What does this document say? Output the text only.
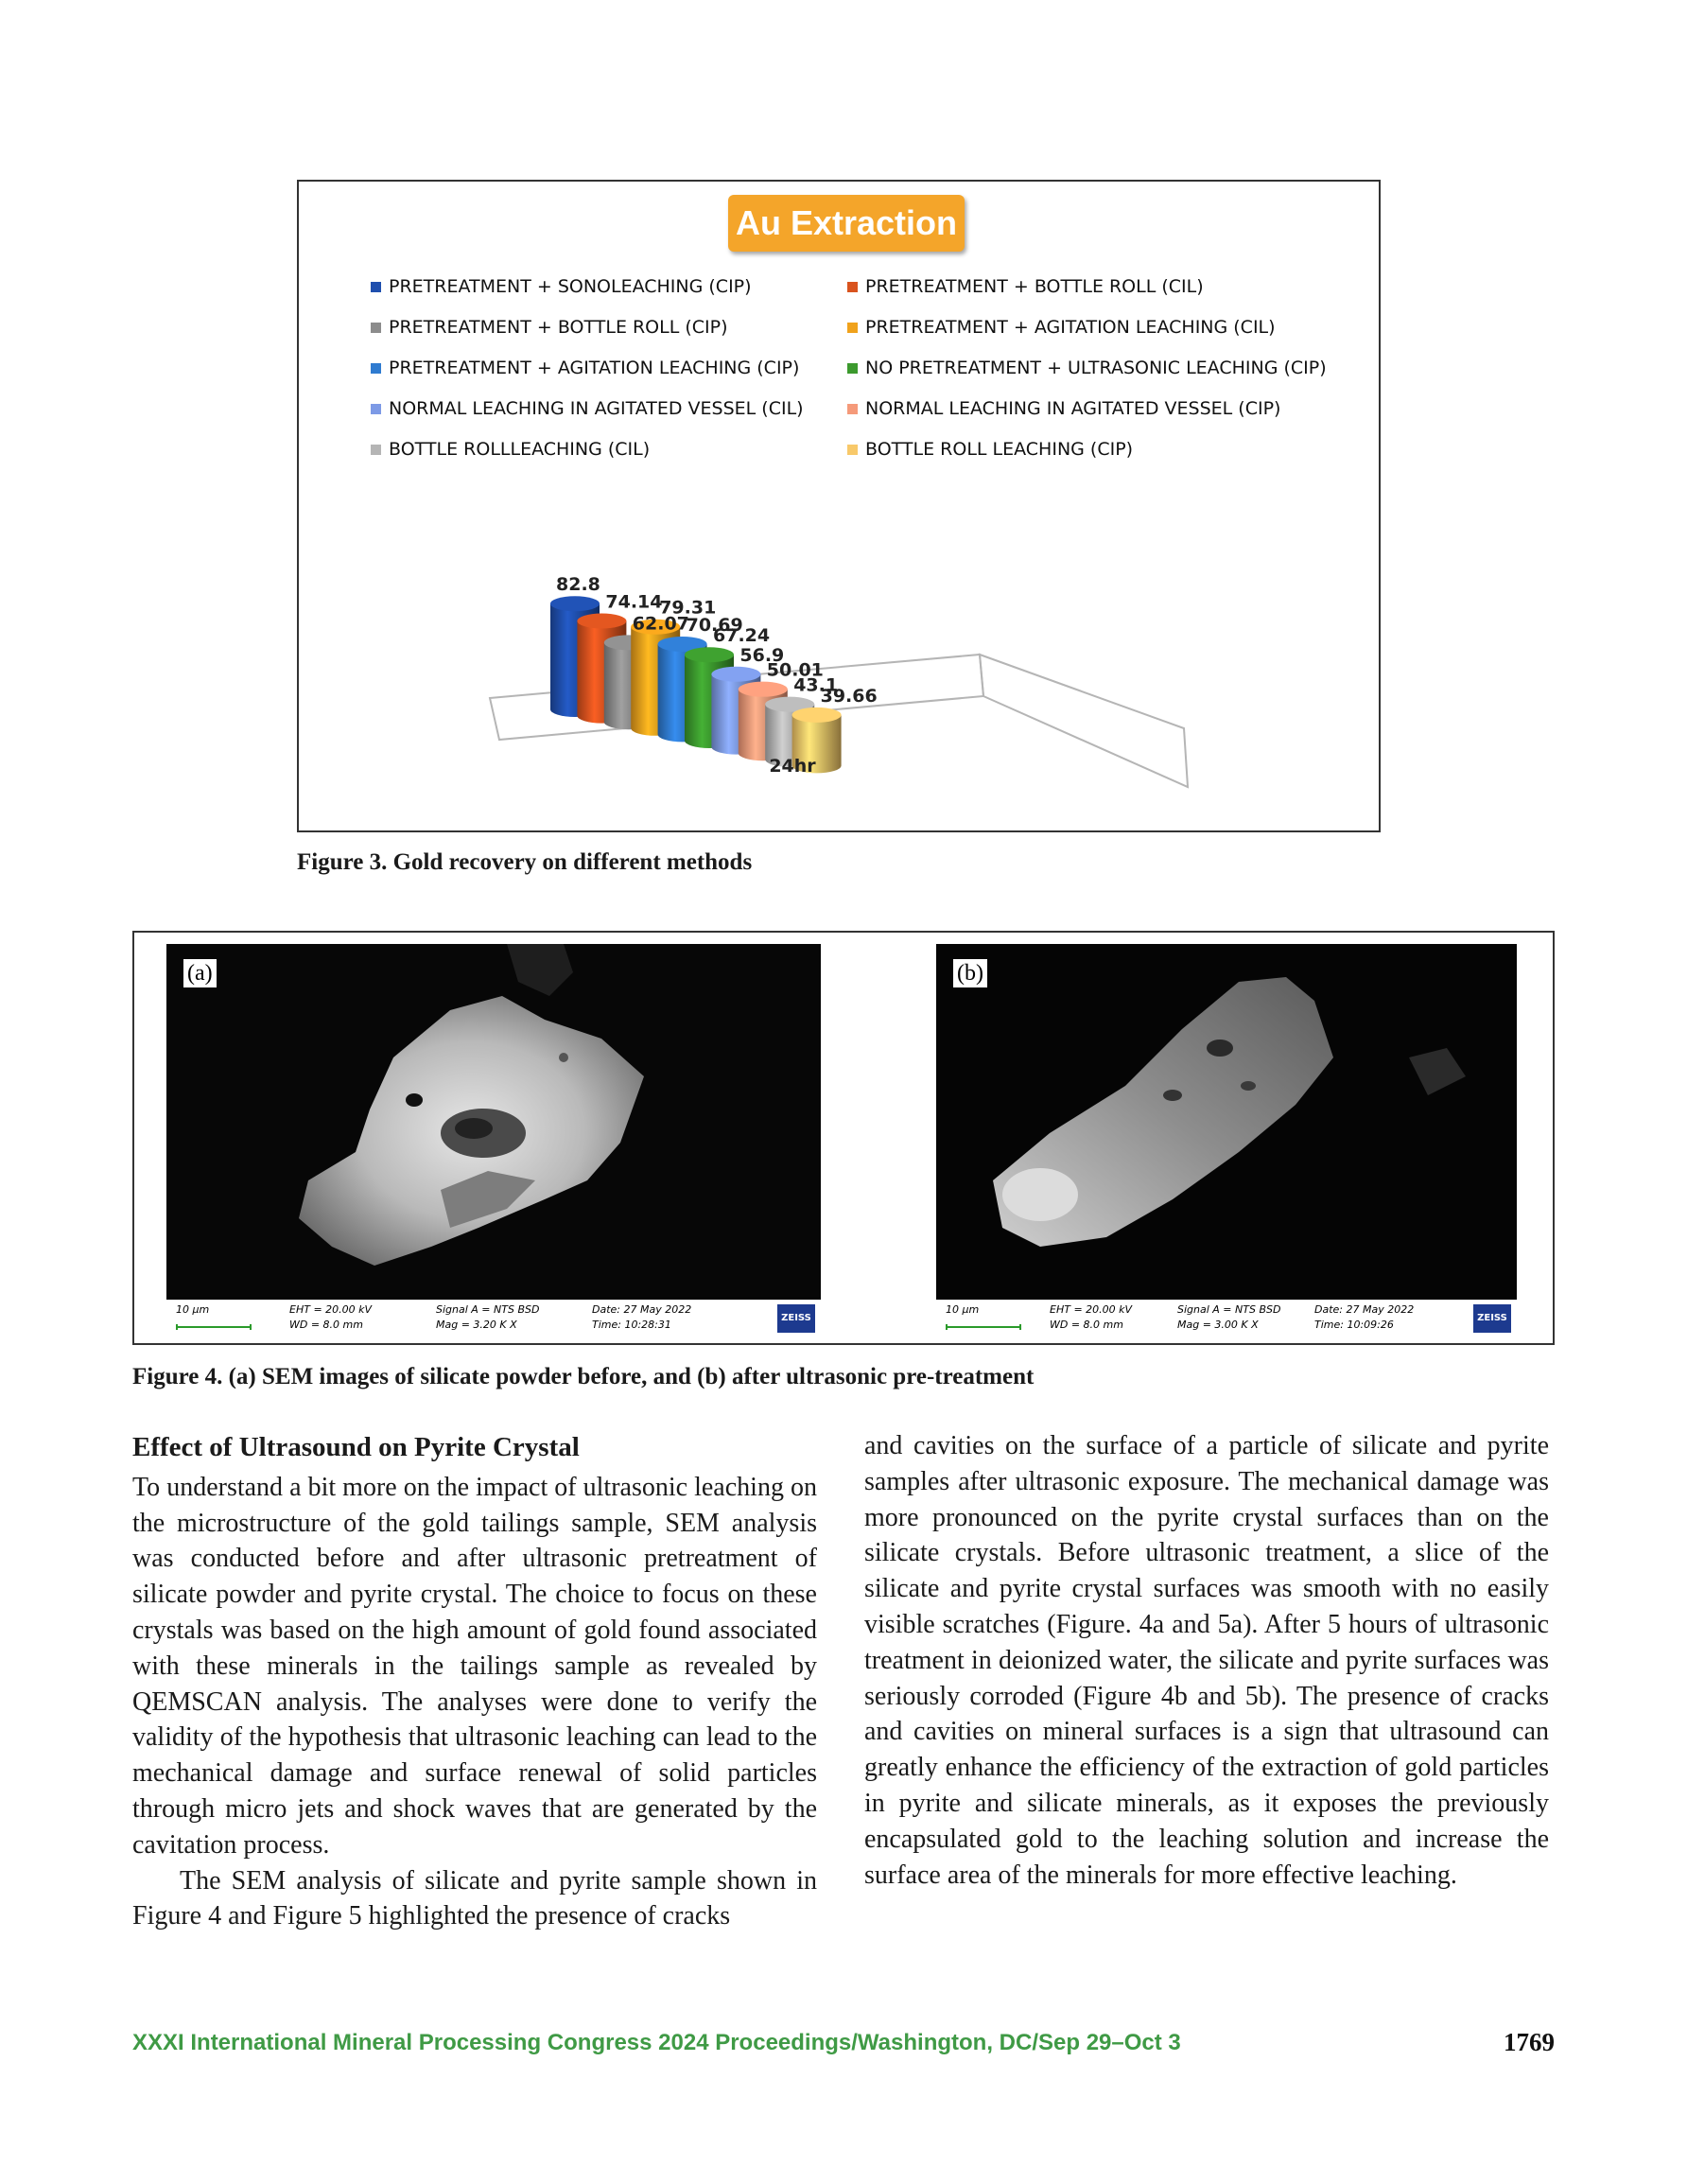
82.8
74.14
62.07
79.31
70.69
67.24
56.9
50.01
43.1
39.66
24hr
Au Extraction
PRETREATMENT + SONOLEACHING (CIP)	PRETREATMENT + BOTTLE ROLL (CIL)
PRETREATMENT + BOTTLE ROLL (CIP)	PRETREATMENT + AGITATION LEACHING (CIL)
PRETREATMENT + AGITATION LEACHING (CIP)	NO PRETREATMENT + ULTRASONIC LEACHING (CIP)
NORMAL LEACHING IN AGITATED VESSEL (CIL)	NORMAL LEACHING IN AGITATED VESSEL (CIP)
BOTTLE ROLLLEACHING (CIL)	BOTTLE ROLL LEACHING (CIP)
Figure 3. Gold recovery on different methods
(a)
10 µm	EHT = 20.00 kV
WD = 8.0 mm
Signal A = NTS BSD
Mag = 3.20 K X
Date: 27 May 2022
Time: 10:28:31
ZEISS
(b)
10 µm	EHT = 20.00 kV
WD = 8.0 mm
Signal A = NTS BSD
Mag = 3.00 K X
Date: 27 May 2022
Time: 10:09:26
ZEISS
Figure 4. (a) SEM images of silicate powder before, and (b) after ultrasonic pre-treatment
Effect of Ultrasound on Pyrite Crystal

To understand a bit more on the impact of ultrasonic leaching on the microstructure of the gold tailings sample, SEM analysis was conducted before and after ultrasonic pretreatment of silicate powder and pyrite crystal. The choice to focus on these crystals was based on the high amount of gold found associated with these minerals in the tailings sample as revealed by QEMSCAN analysis. The analyses were done to verify the validity of the hypothesis that ultrasonic leaching can lead to the mechanical damage and surface renewal of solid particles through micro jets and shock waves that are generated by the cavitation process.

The SEM analysis of silicate and pyrite sample shown in Figure 4 and Figure 5 highlighted the presence of cracks

and cavities on the surface of a particle of silicate and pyrite samples after ultrasonic exposure. The mechanical damage was more pronounced on the pyrite crystal surfaces than on the silicate crystals. Before ultrasonic treatment, a slice of the silicate and pyrite crystal surfaces was smooth with no easily visible scratches (Figure. 4a and 5a). After 5 hours of ultrasonic treatment in deionized water, the silicate and pyrite surfaces was seriously corroded (Figure 4b and 5b). The presence of cracks and cavities on mineral surfaces is a sign that ultrasound can greatly enhance the efficiency of the extraction of gold particles in pyrite and silicate minerals, as it exposes the previously encapsulated gold to the leaching solution and increase the surface area of the minerals for more effective leaching.

XXXI International Mineral Processing Congress 2024 Proceedings/Washington, DC/Sep 29–Oct 3	1769
